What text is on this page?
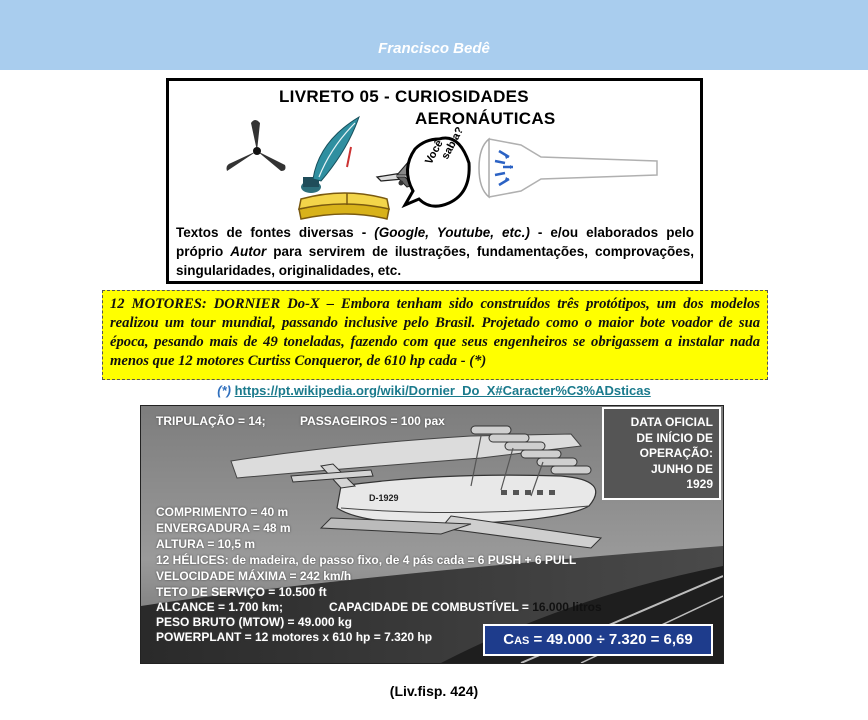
Francisco Bedê
LIVRETO 05 - CURIOSIDADES
AERONÁUTICAS
Você sabia?
Textos de fontes diversas - (Google, Youtube, etc.) - e/ou elaborados pelo próprio Autor para servirem de ilustrações, fundamentações, comprovações, singularidades, originalidades, etc.
12 MOTORES: DORNIER Do-X – Embora tenham sido construídos três protótipos, um dos modelos realizou um tour mundial, passando inclusive pelo Brasil. Projetado como o maior bote voador de sua época, pesando mais de 49 toneladas, fazendo com que seus engenheiros se obrigassem a instalar nada menos que 12 motores Curtiss Conqueror, de 610 hp cada - (*)
(*) https://pt.wikipedia.org/wiki/Dornier_Do_X#Caracter%C3%ADsticas
D-1929
TRIPULAÇÃO = 14;	PASSAGEIROS = 100 pax	DATA OFICIAL
DE INÍCIO DE
OPERAÇÃO:
JUNHO DE
1929
COMPRIMENTO = 40 m
ENVERGADURA = 48 m
ALTURA = 10,5 m
12 HÉLICES: de madeira, de passo fixo, de 4 pás cada = 6 PUSH + 6 PULL
VELOCIDADE MÁXIMA = 242 km/h
TETO DE SERVIÇO = 10.500 ft
ALCANCE = 1.700 km;	CAPACIDADE DE COMBUSTÍVEL = 16.000 litros
PESO BRUTO (MTOW) = 49.000 kg
POWERPLANT = 12 motores x 610 hp = 7.320 hp	CAS = 49.000 ÷ 7.320 = 6,69
(Liv.fisp. 424)
